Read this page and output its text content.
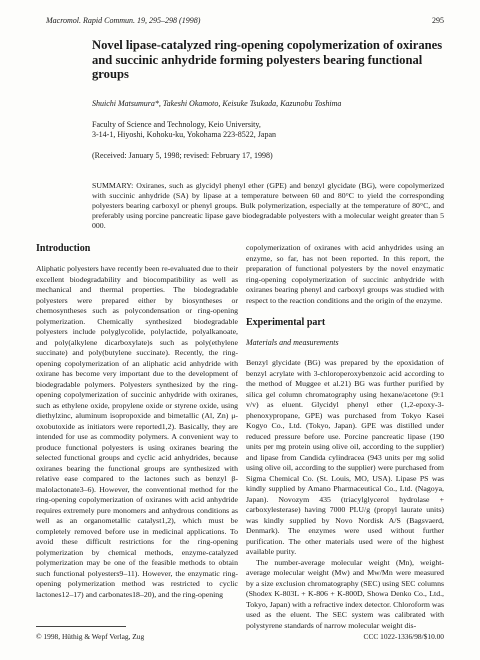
Macromol. Rapid Commun. 19, 295–298 (1998)	295
Novel lipase-catalyzed ring-opening copolymerization of oxiranes and succinic anhydride forming polyesters bearing functional groups
Shuichi Matsumura*, Takeshi Okamoto, Keisuke Tsukada, Kazunobu Toshima
Faculty of Science and Technology, Keio University,
3-14-1, Hiyoshi, Kohoku-ku, Yokohama 223-8522, Japan
(Received: January 5, 1998; revised: February 17, 1998)
SUMMARY: Oxiranes, such as glycidyl phenyl ether (GPE) and benzyl glycidate (BG), were copolymerized with succinic anhydride (SA) by lipase at a temperature between 60 and 80°C to yield the corresponding polyesters bearing carboxyl or phenyl groups. Bulk polymerization, especially at the temperature of 80°C, and preferably using porcine pancreatic lipase gave biodegradable polyesters with a molecular weight greater than 5 000.
Introduction

Aliphatic polyesters have recently been re-evaluated due to their excellent biodegradability and biocompatibility as well as mechanical and thermal properties. The biodegradable polyesters were prepared either by biosyntheses or chemosyntheses such as polycondensation or ring-opening polymerization. Chemically synthesized biodegradable polyesters include polyglycolide, polylactide, polyalkanoate, and poly(alkylene dicarboxylate)s such as poly(ethylene succinate) and poly(butylene succinate). Recently, the ring-opening copolymerization of an aliphatic acid anhydride with oxirane has become very important due to the development of biodegradable polymers. Polyesters synthesized by the ring-opening copolymerization of succinic anhydride with oxiranes, such as ethylene oxide, propylene oxide or styrene oxide, using diethylzinc, aluminum isopropoxide and bimetallic (Al, Zn) μ-oxobutoxide as initiators were reported1,2). Basically, they are intended for use as commodity polymers. A convenient way to produce functional polyesters is using oxiranes bearing the selected functional groups and cyclic acid anhydrides, because oxiranes bearing the functional groups are synthesized with relative ease compared to the lactones such as benzyl β-malolactonate3–6). However, the conventional method for the ring-opening copolymerization of oxiranes with acid anhydride requires extremely pure monomers and anhydrous conditions as well as an organometallic catalyst1,2), which must be completely removed before use in medicinal applications. To avoid these difficult restrictions for the ring-opening polymerization by chemical methods, enzyme-catalyzed polymerization may be one of the feasible methods to obtain such functional polyesters9–11). However, the enzymatic ring-opening polymerization method was restricted to cyclic lactones12–17) and carbonates18–20), and the ring-opening

copolymerization of oxiranes with acid anhydrides using an enzyme, so far, has not been reported. In this report, the preparation of functional polyesters by the novel enzymatic ring-opening copolymerization of succinic anhydride with oxiranes bearing phenyl and carboxyl groups was studied with respect to the reaction conditions and the origin of the enzyme.

Experimental part
Materials and measurements

Benzyl glycidate (BG) was prepared by the epoxidation of benzyl acrylate with 3-chloroperoxybenzoic acid according to the method of Muggee et al.21) BG was further purified by silica gel column chromatography using hexane/acetone (9:1 v/v) as eluent. Glycidyl phenyl ether (1,2-epoxy-3-phenoxypropane, GPE) was purchased from Tokyo Kasei Kogyo Co., Ltd. (Tokyo, Japan). GPE was distilled under reduced pressure before use. Porcine pancreatic lipase (190 units per mg protein using olive oil, according to the supplier) and lipase from Candida cylindracea (943 units per mg solid using olive oil, according to the supplier) were purchased from Sigma Chemical Co. (St. Louis, MO, USA). Lipase PS was kindly supplied by Amano Pharmaceutical Co., Ltd. (Nagoya, Japan). Novozym 435 (triacylglycerol hydrolase + carboxylesterase) having 7000 PLU/g (propyl laurate units) was kindly supplied by Novo Nordisk A/S (Bagsvaerd, Denmark). The enzymes were used without further purification. The other materials used were of the highest available purity.

The number-average molecular weight (Mn), weight-average molecular weight (Mw) and Mw/Mn were measured by a size exclusion chromatography (SEC) using SEC columns (Shodex K-803L + K-806 + K-800D, Showa Denko Co., Ltd., Tokyo, Japan) with a refractive index detector. Chloroform was used as the eluent. The SEC system was calibrated with polystyrene standards of narrow molecular weight dis-

© 1998, Hüthig & Wepf Verlag, Zug	CCC 1022-1336/98/$10.00
